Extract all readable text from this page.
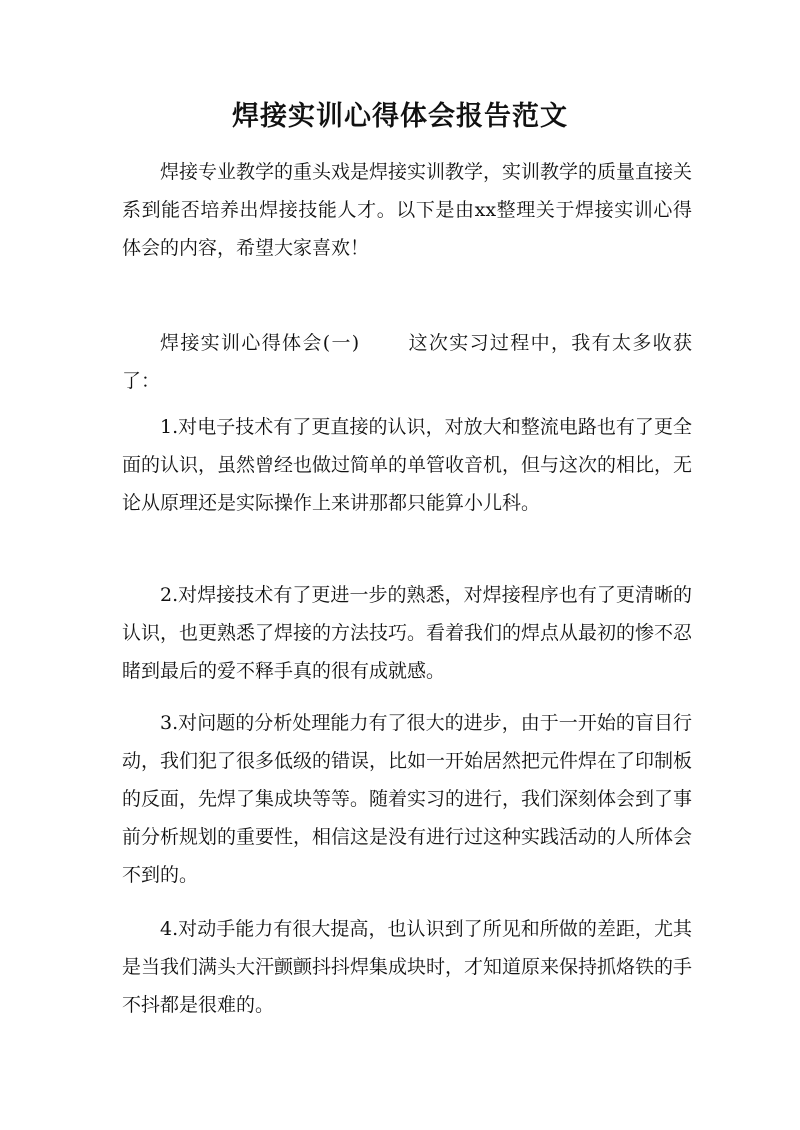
焊接实训心得体会报告范文

焊接专业教学的重头戏是焊接实训教学，实训教学的质量直接关系到能否培养出焊接技能人才。以下是由xx整理关于焊接实训心得体会的内容，希望大家喜欢！

焊接实训心得体会(一)	这次实习过程中，我有太多收获了：

1.对电子技术有了更直接的认识，对放大和整流电路也有了更全面的认识，虽然曾经也做过简单的单管收音机，但与这次的相比，无论从原理还是实际操作上来讲那都只能算小儿科。

2.对焊接技术有了更进一步的熟悉，对焊接程序也有了更清晰的认识，也更熟悉了焊接的方法技巧。看着我们的焊点从最初的惨不忍睹到最后的爱不释手真的很有成就感。

3.对问题的分析处理能力有了很大的进步，由于一开始的盲目行动，我们犯了很多低级的错误，比如一开始居然把元件焊在了印制板的反面，先焊了集成块等等。随着实习的进行，我们深刻体会到了事前分析规划的重要性，相信这是没有进行过这种实践活动的人所体会不到的。

4.对动手能力有很大提高，也认识到了所见和所做的差距，尤其是当我们满头大汗颤颤抖抖焊集成块时，才知道原来保持抓烙铁的手不抖都是很难的。
